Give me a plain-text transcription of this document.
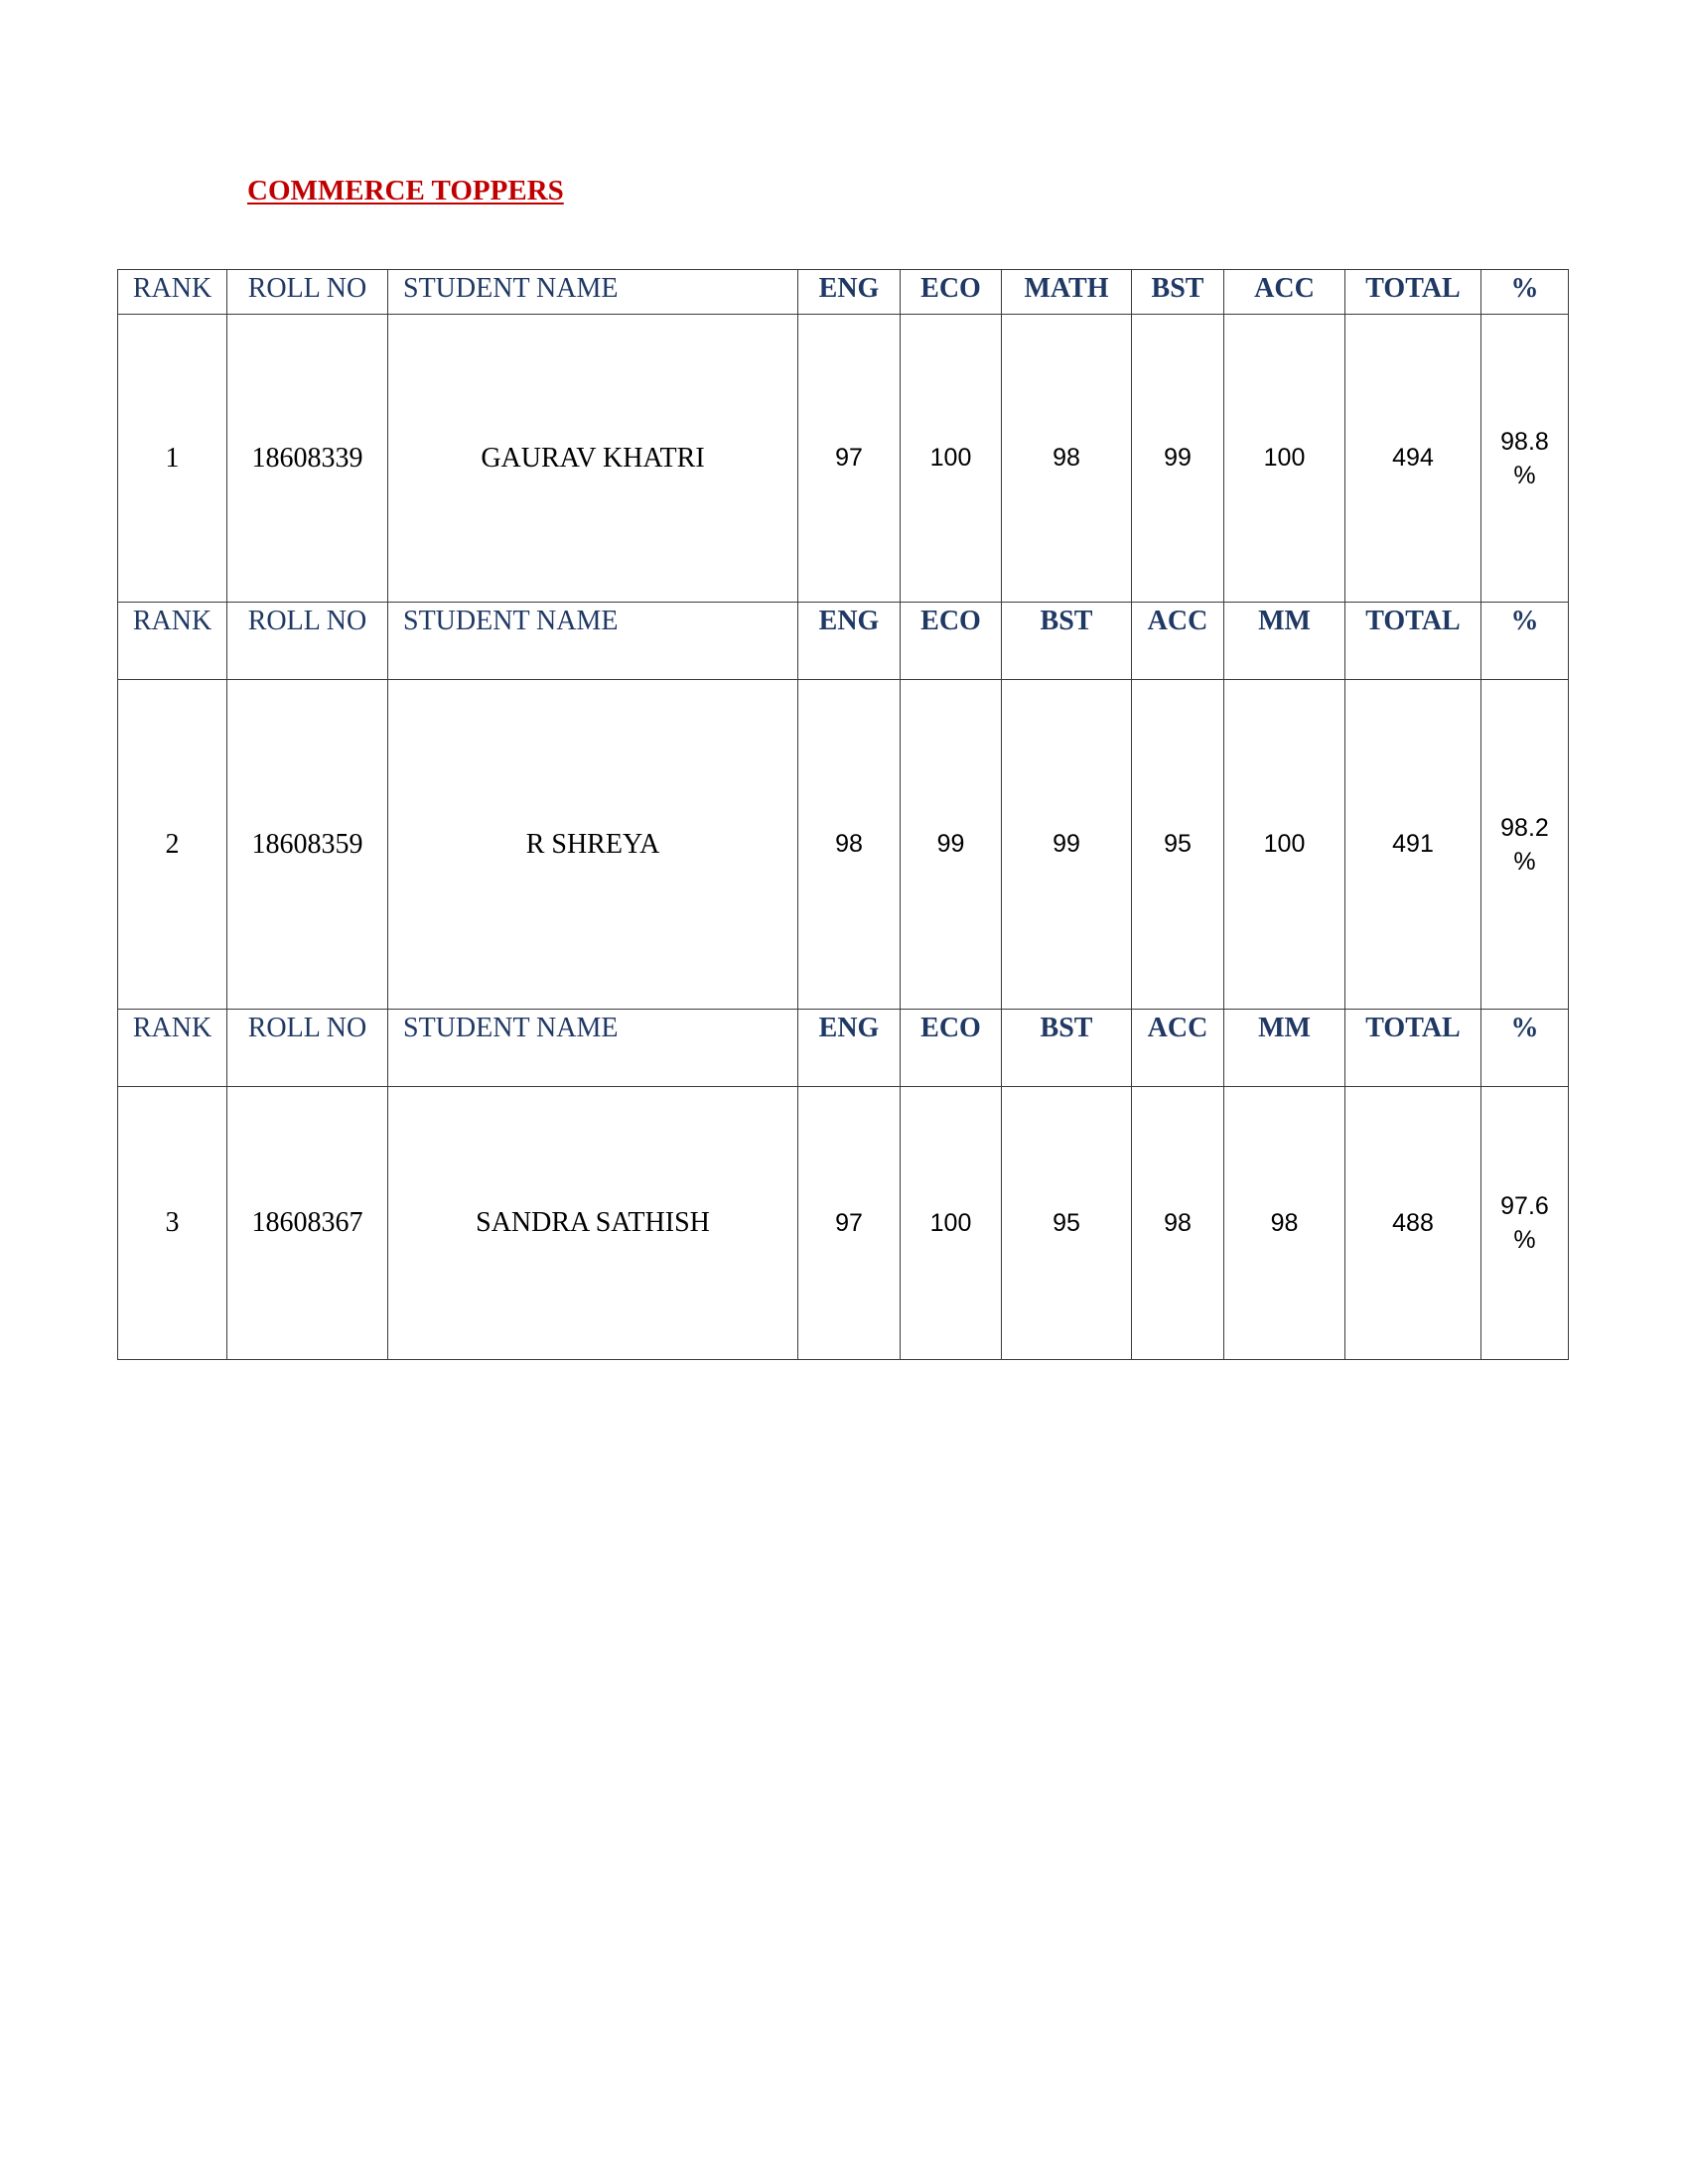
COMMERCE TOPPERS
RANK	ROLL NO	STUDENT NAME	ENG	ECO	MATH	BST	ACC	TOTAL	%
1	18608339	GAURAV KHATRI	97	100	98	99	100	494	98.8
%

RANK	ROLL NO	STUDENT NAME	ENG	ECO	BST	ACC	MM	TOTAL	%
2	18608359	R SHREYA	98	99	99	95	100	491	98.2
%

RANK	ROLL NO	STUDENT NAME	ENG	ECO	BST	ACC	MM	TOTAL	%
3	18608367	SANDRA SATHISH	97	100	95	98	98	488	97.6
%
